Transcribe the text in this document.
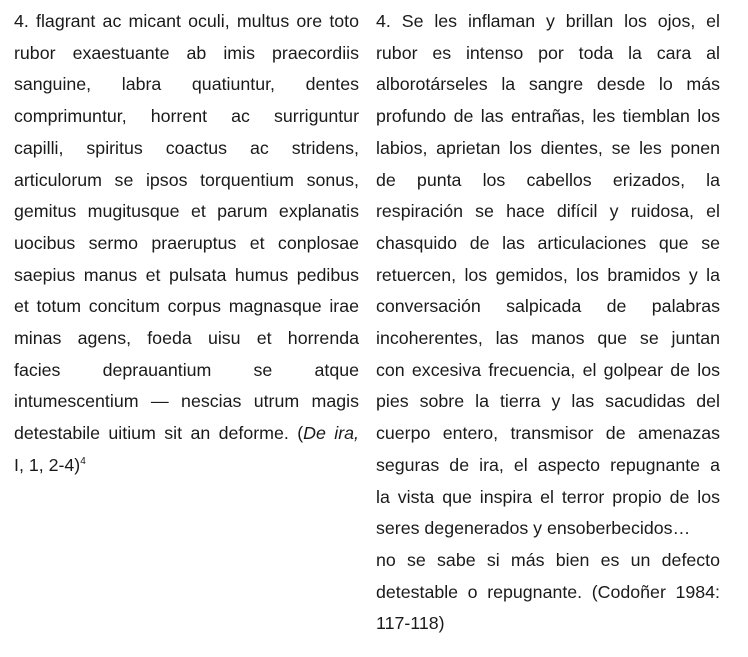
4. flagrant ac micant oculi, multus ore toto
rubor exaestuante ab imis praecordiis
sanguine, labra quatiuntur, dentes
comprimuntur, horrent ac surriguntur
capilli, spiritus coactus ac stridens,
articulorum se ipsos torquentium sonus,
gemitus mugitusque et parum explanatis
uocibus sermo praeruptus et conplosae
saepius manus et pulsata humus pedibus
et totum concitum corpus magnasque irae
minas agens, foeda uisu et horrenda
facies deprauantium se atque
intumescentium — nescias utrum magis
detestabile uitium sit an deforme. (De ira,
I, 1, 2-4)$^4$
4. Se les inflaman y brillan los ojos, el
rubor es intenso por toda la cara al
alborotárseles la sangre desde lo más
profundo de las entrañas, les tiemblan los
labios, aprietan los dientes, se les ponen
de punta los cabellos erizados, la
respiración se hace difícil y ruidosa, el
chasquido de las articulaciones que se
retuercen, los gemidos, los bramidos y la
conversación salpicada de palabras
incoherentes, las manos que se juntan
con excesiva frecuencia, el golpear de los
pies sobre la tierra y las sacudidas del
cuerpo entero, transmisor de amenazas
seguras de ira, el aspecto repugnante a
la vista que inspira el terror propio de los
seres degenerados y ensoberbecidos…
no se sabe si más bien es un defecto
detestable o repugnante. (Codoñer 1984:
117-118)
